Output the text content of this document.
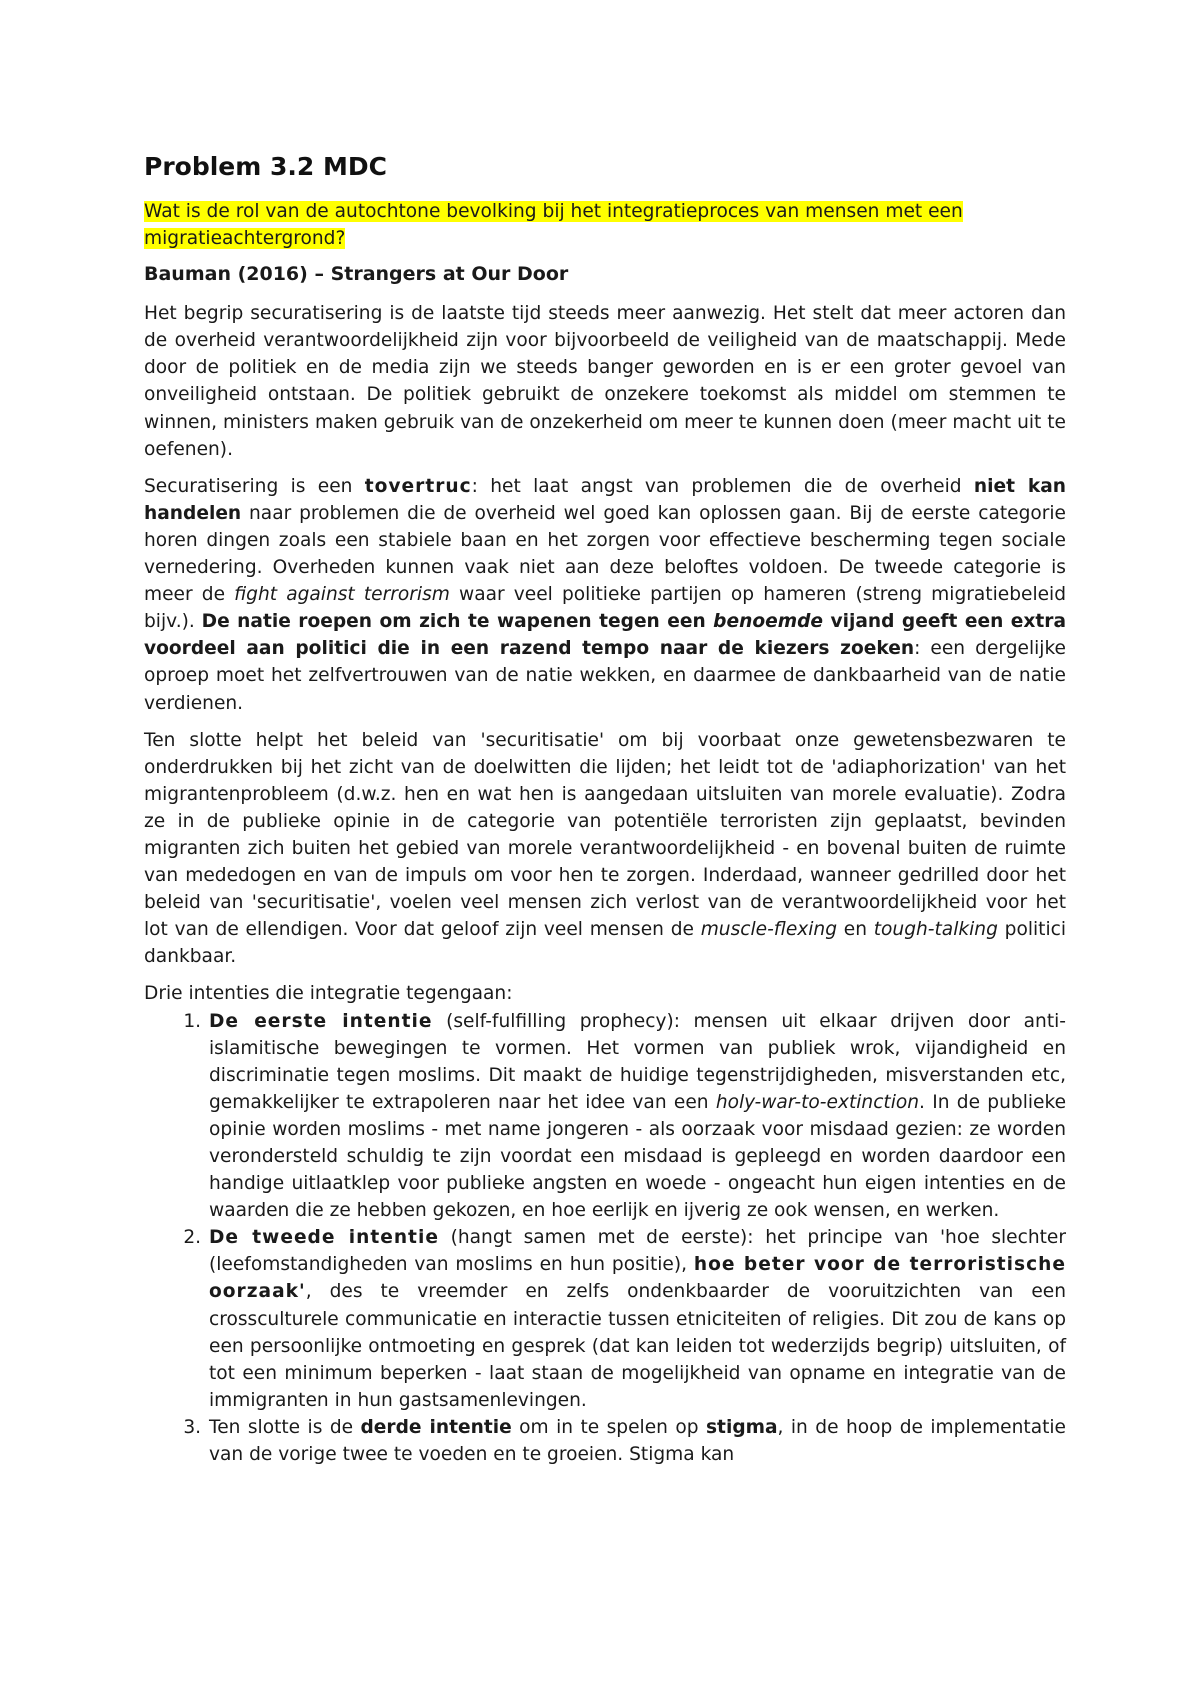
Problem 3.2 MDC

Wat is de rol van de autochtone bevolking bij het integratieproces van mensen met een migratieachtergrond?

Bauman (2016) – Strangers at Our Door

Het begrip securatisering is de laatste tijd steeds meer aanwezig. Het stelt dat meer actoren dan de overheid verantwoordelijkheid zijn voor bijvoorbeeld de veiligheid van de maatschappij. Mede door de politiek en de media zijn we steeds banger geworden en is er een groter gevoel van onveiligheid ontstaan. De politiek gebruikt de onzekere toekomst als middel om stemmen te winnen, ministers maken gebruik van de onzekerheid om meer te kunnen doen (meer macht uit te oefenen).

Securatisering is een tovertruc: het laat angst van problemen die de overheid niet kan handelen naar problemen die de overheid wel goed kan oplossen gaan. Bij de eerste categorie horen dingen zoals een stabiele baan en het zorgen voor effectieve bescherming tegen sociale vernedering. Overheden kunnen vaak niet aan deze beloftes voldoen. De tweede categorie is meer de fight against terrorism waar veel politieke partijen op hameren (streng migratiebeleid bijv.). De natie roepen om zich te wapenen tegen een benoemde vijand geeft een extra voordeel aan politici die in een razend tempo naar de kiezers zoeken: een dergelijke oproep moet het zelfvertrouwen van de natie wekken, en daarmee de dankbaarheid van de natie verdienen.

Ten slotte helpt het beleid van 'securitisatie' om bij voorbaat onze gewetensbezwaren te onderdrukken bij het zicht van de doelwitten die lijden; het leidt tot de 'adiaphorization' van het migrantenprobleem (d.w.z. hen en wat hen is aangedaan uitsluiten van morele evaluatie). Zodra ze in de publieke opinie in de categorie van potentiële terroristen zijn geplaatst, bevinden migranten zich buiten het gebied van morele verantwoordelijkheid - en bovenal buiten de ruimte van mededogen en van de impuls om voor hen te zorgen. Inderdaad, wanneer gedrilled door het beleid van 'securitisatie', voelen veel mensen zich verlost van de verantwoordelijkheid voor het lot van de ellendigen. Voor dat geloof zijn veel mensen de muscle-flexing en tough-talking politici dankbaar.

Drie intenties die integratie tegengaan:

1. De eerste intentie (self-fulfilling prophecy): mensen uit elkaar drijven door anti-islamitische bewegingen te vormen. Het vormen van publiek wrok, vijandigheid en discriminatie tegen moslims. Dit maakt de huidige tegenstrijdigheden, misverstanden etc, gemakkelijker te extrapoleren naar het idee van een holy-war-to-extinction. In de publieke opinie worden moslims - met name jongeren - als oorzaak voor misdaad gezien: ze worden verondersteld schuldig te zijn voordat een misdaad is gepleegd en worden daardoor een handige uitlaatklep voor publieke angsten en woede - ongeacht hun eigen intenties en de waarden die ze hebben gekozen, en hoe eerlijk en ijverig ze ook wensen, en werken.
2. De tweede intentie (hangt samen met de eerste): het principe van 'hoe slechter (leefomstandigheden van moslims en hun positie), hoe beter voor de terroristische oorzaak', des te vreemder en zelfs ondenkbaarder de vooruitzichten van een crossculturele communicatie en interactie tussen etniciteiten of religies. Dit zou de kans op een persoonlijke ontmoeting en gesprek (dat kan leiden tot wederzijds begrip) uitsluiten, of tot een minimum beperken - laat staan de mogelijkheid van opname en integratie van de immigranten in hun gastsamenlevingen.
3. Ten slotte is de derde intentie om in te spelen op stigma, in de hoop de implementatie van de vorige twee te voeden en te groeien. Stigma kan
